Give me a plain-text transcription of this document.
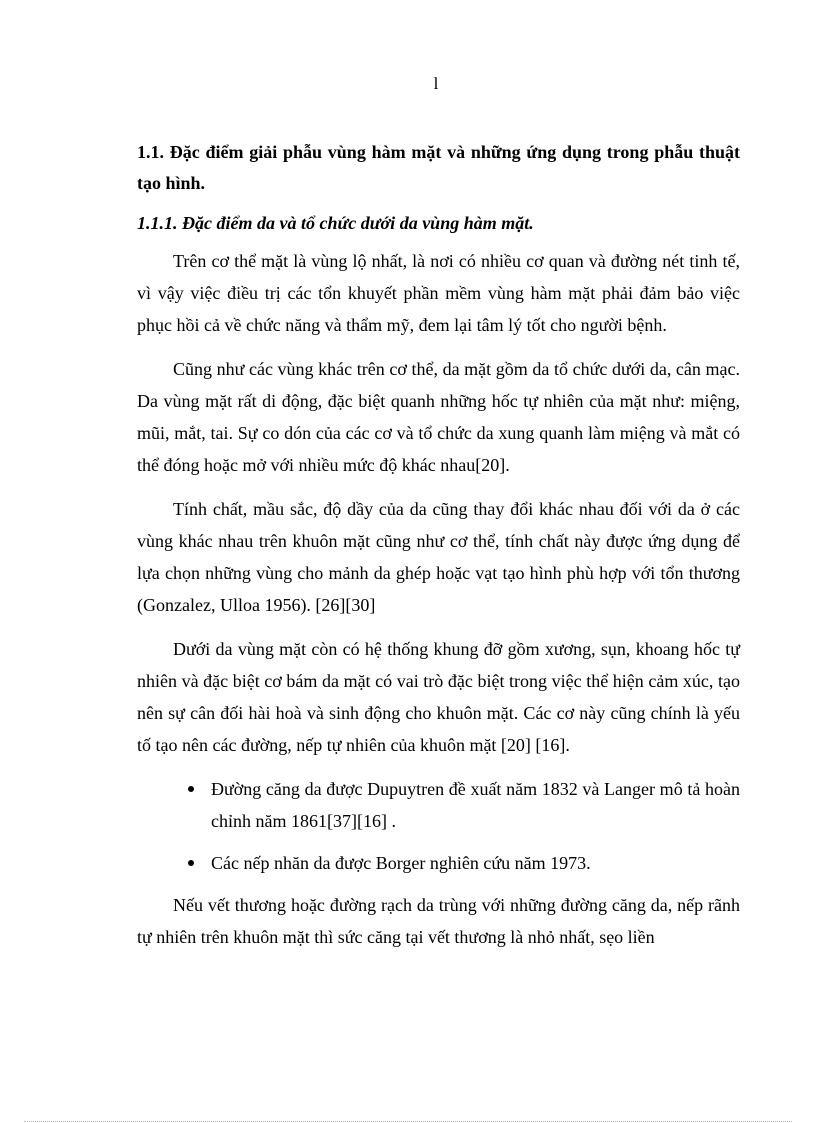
l

1.1. Đặc điểm giải phẫu vùng hàm mặt và những ứng dụng trong phẫu thuật tạo hình.

1.1.1. Đặc điểm da và tổ chức dưới da vùng hàm mặt.

Trên cơ thể mặt là vùng lộ nhất, là nơi có nhiều cơ quan và đường nét tinh tế, vì vậy việc điều trị các tổn khuyết phần mềm vùng hàm mặt phải đảm bảo việc phục hồi cả về chức năng và thẩm mỹ, đem lại tâm lý tốt cho người bệnh.

Cũng như các vùng khác trên cơ thể, da mặt gồm da tổ chức dưới da, cân mạc. Da vùng mặt rất di động, đặc biệt quanh những hốc tự nhiên của mặt như: miệng, mũi, mắt, tai. Sự co dón của các cơ và tổ chức da xung quanh làm miệng và mắt có thể đóng hoặc mở với nhiều mức độ khác nhau[20].

Tính chất, mầu sắc, độ dầy của da cũng thay đổi khác nhau đối với da ở các vùng khác nhau trên khuôn mặt cũng như cơ thể, tính chất này được ứng dụng để lựa chọn những vùng cho mảnh da ghép hoặc vạt tạo hình phù hợp với tổn thương (Gonzalez, Ulloa 1956). [26][30]

Dưới da vùng mặt còn có hệ thống khung đỡ gồm xương, sụn, khoang hốc tự nhiên và đặc biệt cơ bám da mặt có vai trò đặc biệt trong việc thể hiện cảm xúc, tạo nên sự cân đối hài hoà và sinh động cho khuôn mặt. Các cơ này cũng chính là yếu tố tạo nên các đường, nếp tự nhiên của khuôn mặt [20] [16].

Đường căng da được Dupuytren đề xuất năm 1832 và Langer mô tả hoàn chỉnh năm 1861[37][16] .
Các nếp nhăn da được Borger nghiên cứu năm 1973.

Nếu vết thương hoặc đường rạch da trùng với những đường căng da, nếp rãnh tự nhiên trên khuôn mặt thì sức căng tại vết thương là nhỏ nhất, sẹo liền
